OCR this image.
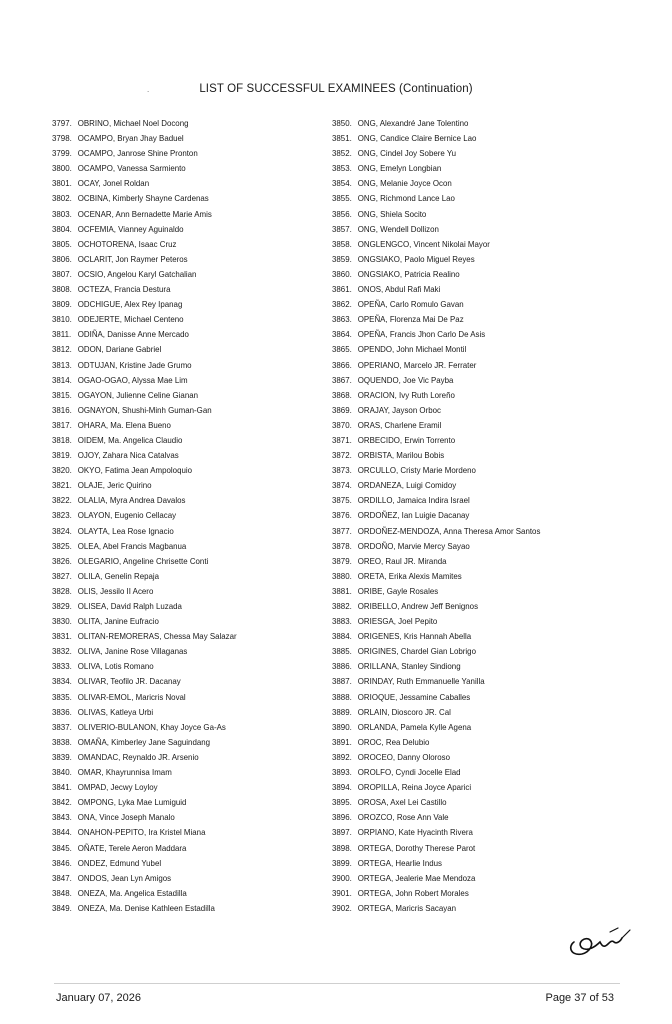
.	LIST OF SUCCESSFUL EXAMINEES (Continuation)
3797. OBRINO, Michael Noel Docong
3798. OCAMPO, Bryan Jhay Baduel
3799. OCAMPO, Janrose Shine Pronton
3800. OCAMPO, Vanessa Sarmiento
3801. OCAY, Jonel Roldan
3802. OCBINA, Kimberly Shayne Cardenas
3803. OCENAR, Ann Bernadette Marie Amis
3804. OCFEMIA, Vianney Aguinaldo
3805. OCHOTORENA, Isaac Cruz
3806. OCLARIT, Jon Raymer Peteros
3807. OCSIO, Angelou Karyl Gatchalian
3808. OCTEZA, Francia Destura
3809. ODCHIGUE, Alex Rey Ipanag
3810. ODEJERTE, Michael Centeno
3811. ODIÑA, Danisse Anne Mercado
3812. ODON, Dariane Gabriel
3813. ODTUJAN, Kristine Jade Grumo
3814. OGAO-OGAO, Alyssa Mae Lim
3815. OGAYON, Julienne Celine Gianan
3816. OGNAYON, Shushi-Minh Guman-Gan
3817. OHARA, Ma. Elena Bueno
3818. OIDEM, Ma. Angelica Claudio
3819. OJOY, Zahara Nica Catalvas
3820. OKYO, Fatima Jean Ampoloquio
3821. OLAJE, Jeric Quirino
3822. OLALIA, Myra Andrea Davalos
3823. OLAYON, Eugenio Cellacay
3824. OLAYTA, Lea Rose Ignacio
3825. OLEA, Abel Francis Magbanua
3826. OLEGARIO, Angeline Chrisette Conti
3827. OLILA, Genelin Repaja
3828. OLIS, Jessilo II Acero
3829. OLISEA, David Ralph Luzada
3830. OLITA, Janine Eufracio
3831. OLITAN-REMORERAS, Chessa May Salazar
3832. OLIVA, Janine Rose Villaganas
3833. OLIVA, Lotis Romano
3834. OLIVAR, Teofilo JR. Dacanay
3835. OLIVAR-EMOL, Maricris Noval
3836. OLIVAS, Katleya Urbi
3837. OLIVERIO-BULANON, Khay Joyce Ga-As
3838. OMAÑA, Kimberley Jane Saguindang
3839. OMANDAC, Reynaldo JR. Arsenio
3840. OMAR, Khayrunnisa Imam
3841. OMPAD, Jecwy Loyloy
3842. OMPONG, Lyka Mae Lumiguid
3843. ONA, Vince Joseph Manalo
3844. ONAHON-PEPITO, Ira Kristel Miana
3845. OÑATE, Terele Aeron Maddara
3846. ONDEZ, Edmund Yubel
3847. ONDOS, Jean Lyn Amigos
3848. ONEZA, Ma. Angelica Estadilla
3849. ONEZA, Ma. Denise Kathleen Estadilla
3850. ONG, Alexandré Jane Tolentino
3851. ONG, Candice Claire Bernice Lao
3852. ONG, Cindel Joy Sobere Yu
3853. ONG, Emelyn Longbian
3854. ONG, Melanie Joyce Ocon
3855. ONG, Richmond Lance Lao
3856. ONG, Shiela Socito
3857. ONG, Wendell Dollizon
3858. ONGLENGCO, Vincent Nikolai Mayor
3859. ONGSIAKO, Paolo Miguel Reyes
3860. ONGSIAKO, Patricia Realino
3861. ONOS, Abdul Rafi Maki
3862. OPEÑA, Carlo Romulo Gavan
3863. OPEÑA, Florenza Mai De Paz
3864. OPEÑA, Francis Jhon Carlo De Asis
3865. OPENDO, John Michael Montil
3866. OPERIANO, Marcelo JR. Ferrater
3867. OQUENDO, Joe Vic Payba
3868. ORACION, Ivy Ruth Loreño
3869. ORAJAY, Jayson Orboc
3870. ORAS, Charlene Eramil
3871. ORBECIDO, Erwin Torrento
3872. ORBISTA, Marilou Bobis
3873. ORCULLO, Cristy Marie Mordeno
3874. ORDANEZA, Luigi Comidoy
3875. ORDILLO, Jamaica Indira Israel
3876. ORDOÑEZ, Ian Luigie Dacanay
3877. ORDOÑEZ-MENDOZA, Anna Theresa Amor Santos
3878. ORDOÑO, Marvie Mercy Sayao
3879. OREO, Raul JR. Miranda
3880. ORETA, Erika Alexis Mamites
3881. ORIBE, Gayle Rosales
3882. ORIBELLO, Andrew Jeff Benignos
3883. ORIESGA, Joel Pepito
3884. ORIGENES, Kris Hannah Abella
3885. ORIGINES, Chardel Gian Lobrigo
3886. ORILLANA, Stanley Sindiong
3887. ORINDAY, Ruth Emmanuelle Yanilla
3888. ORIOQUE, Jessamine Caballes
3889. ORLAIN, Dioscoro JR. Cal
3890. ORLANDA, Pamela Kylle Agena
3891. OROC, Rea Delubio
3892. OROCEO, Danny Oloroso
3893. OROLFO, Cyndi Jocelle Elad
3894. OROPILLA, Reina Joyce Aparici
3895. OROSA, Axel Lei Castillo
3896. OROZCO, Rose Ann Vale
3897. ORPIANO, Kate Hyacinth Rivera
3898. ORTEGA, Dorothy Therese Parot
3899. ORTEGA, Hearlie Indus
3900. ORTEGA, Jealerie Mae Mendoza
3901. ORTEGA, John Robert Morales
3902. ORTEGA, Maricris Sacayan
January 07, 2026	Page 37 of 53
